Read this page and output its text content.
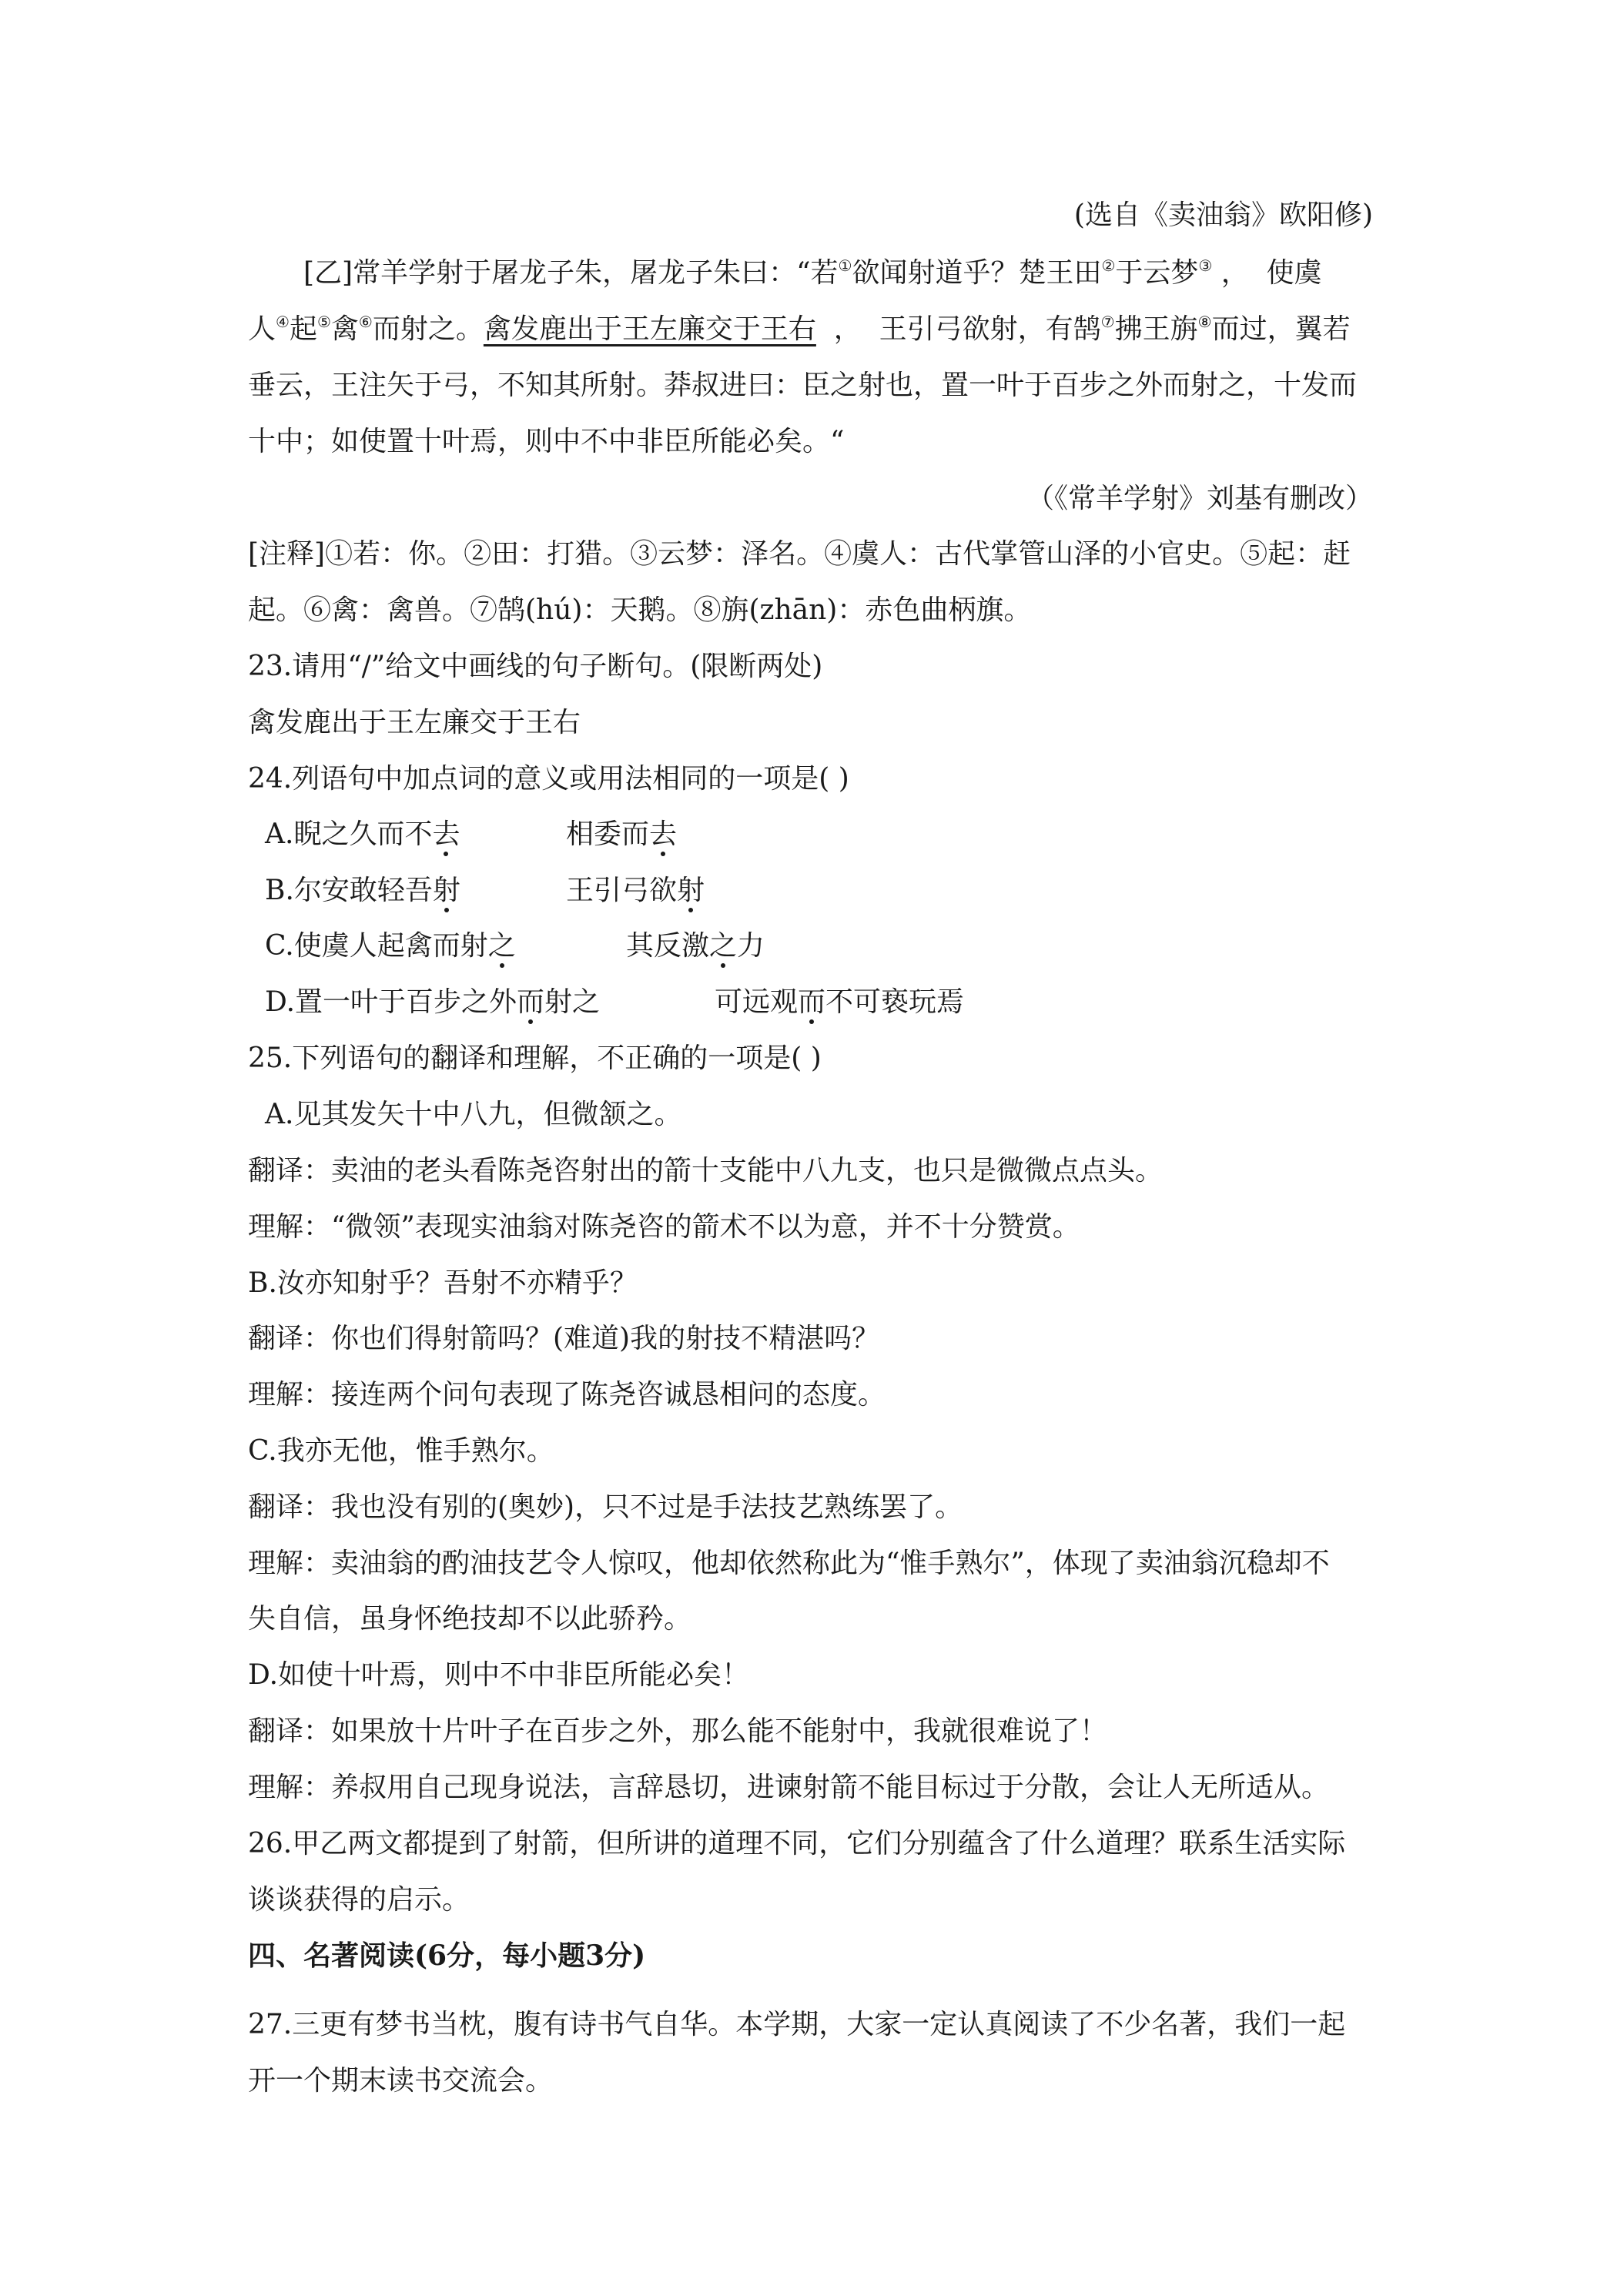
(选自《卖油翁》欧阳修)
[乙]常羊学射于屠龙子朱，屠龙子朱曰：“若①欲闻射道乎？楚王田②于云梦③ ，  使虞
人④起⑤禽⑥而射之。禽发鹿出于王左廉交于王右  ，  王引弓欲射，有鹄⑦拂王旃⑧而过，翼若
垂云，王注矢于弓，不知其所射。莽叔进曰：臣之射也，置一叶于百步之外而射之，十发而
十中；如使置十叶焉，则中不中非臣所能必矣。“
（《常羊学射》刘基有删改）
[注释]①若：你。②田：打猎。③云梦：泽名。④虞人：古代掌管山泽的小官史。⑤起：赶
起。⑥禽：禽兽。⑦鹄(hú)：天鹅。⑧旃(zhān)：赤色曲柄旗。
23.请用“/”给文中画线的句子断句。(限断两处)
禽发鹿出于王左廉交于王右
24.列语句中加点词的意义或用法相同的一项是( )
A.睨之久而不去	相委而去
B.尔安敢轻吾射	王引弓欲射
C.使虞人起禽而射之	其反激之力
D.置一叶于百步之外而射之	可远观而不可亵玩焉
25.下列语句的翻译和理解，不正确的一项是( )
A.见其发矢十中八九，但微颔之。
翻译：卖油的老头看陈尧咨射出的箭十支能中八九支，也只是微微点点头。
理解：“微领”表现实油翁对陈尧咨的箭术不以为意，并不十分赞赏。
B.汝亦知射乎？吾射不亦精乎？
翻译：你也们得射箭吗？(难道)我的射技不精湛吗？
理解：接连两个问句表现了陈尧咨诚恳相问的态度。
C.我亦无他，惟手熟尔。
翻译：我也没有别的(奥妙)，只不过是手法技艺熟练罢了。
理解：卖油翁的酌油技艺令人惊叹，他却依然称此为“惟手熟尔”，体现了卖油翁沉稳却不
失自信，虽身怀绝技却不以此骄矜。
D.如使十叶焉，则中不中非臣所能必矣！
翻译：如果放十片叶子在百步之外，那么能不能射中，我就很难说了！
理解：养叔用自己现身说法，言辞恳切，进谏射箭不能目标过于分散，会让人无所适从。
26.甲乙两文都提到了射箭，但所讲的道理不同，它们分别蕴含了什么道理？联系生活实际
谈谈获得的启示。
四、名著阅读(6分，每小题3分)
27.三更有梦书当枕，腹有诗书气自华。本学期，大家一定认真阅读了不少名著，我们一起
开一个期末读书交流会。
